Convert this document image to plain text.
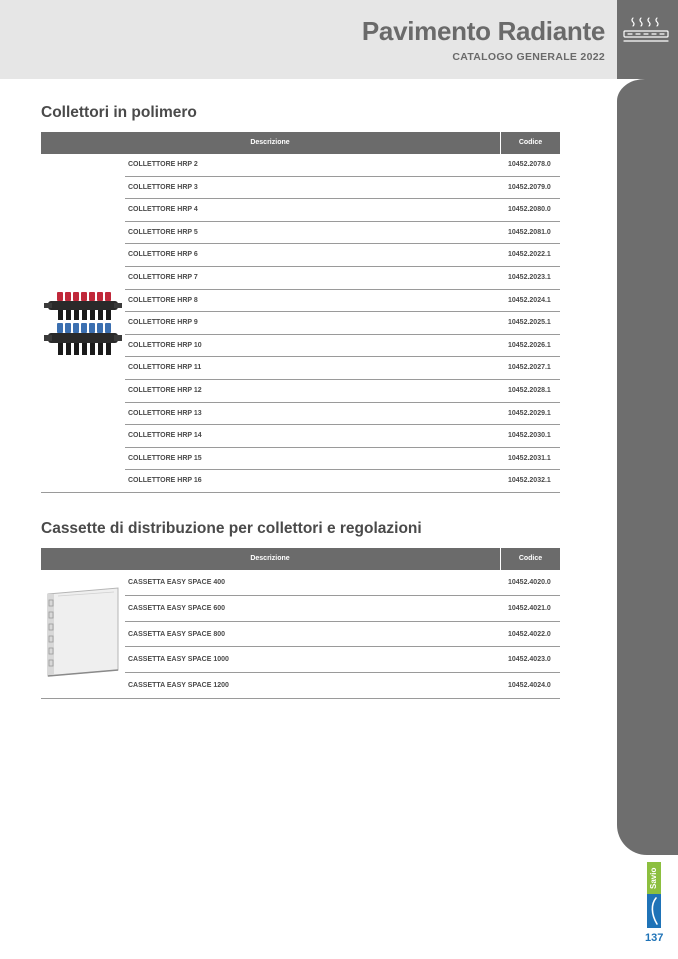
Pavimento Radiante
CATALOGO GENERALE 2022
Collettori in polimero
Descrizione	Codice
COLLETTORE HRP 2	10452.2078.0
COLLETTORE HRP 3	10452.2079.0
COLLETTORE HRP 4	10452.2080.0
COLLETTORE HRP 5	10452.2081.0
COLLETTORE HRP 6	10452.2022.1
COLLETTORE HRP 7	10452.2023.1
COLLETTORE HRP 8	10452.2024.1
COLLETTORE HRP 9	10452.2025.1
COLLETTORE HRP 10	10452.2026.1
COLLETTORE HRP 11	10452.2027.1
COLLETTORE HRP 12	10452.2028.1
COLLETTORE HRP 13	10452.2029.1
COLLETTORE HRP 14	10452.2030.1
COLLETTORE HRP 15	10452.2031.1
COLLETTORE HRP 16	10452.2032.1
Cassette di distribuzione per collettori e regolazioni
Descrizione	Codice
CASSETTA EASY SPACE 400	10452.4020.0
CASSETTA EASY SPACE 600	10452.4021.0
CASSETTA EASY SPACE 800	10452.4022.0
CASSETTA EASY SPACE 1000	10452.4023.0
CASSETTA EASY SPACE 1200	10452.4024.0
Savio
137
